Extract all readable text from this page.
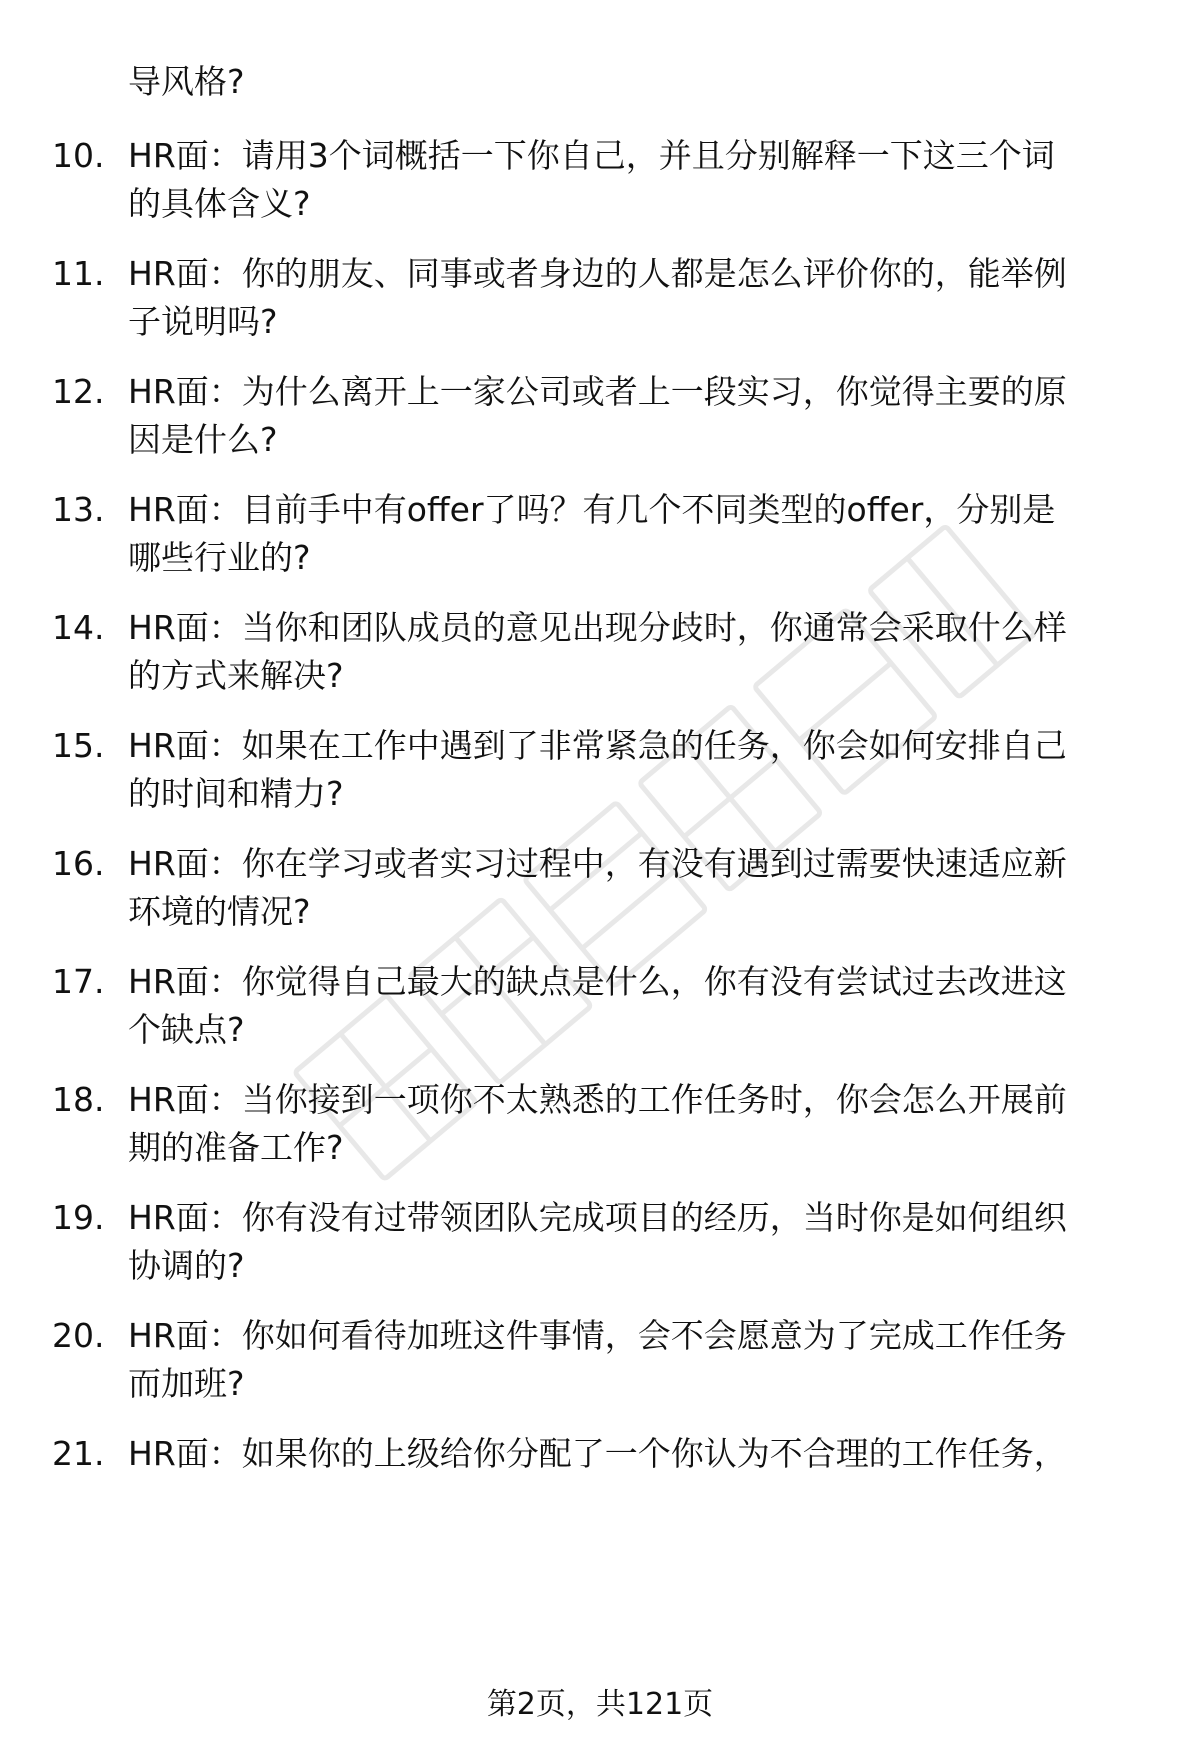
导风格?
10. HR面：请用3个词概括一下你自己，并且分别解释一下这三个词
的具体含义?
11. HR面：你的朋友、同事或者身边的人都是怎么评价你的，能举例
子说明吗?
12. HR面：为什么离开上一家公司或者上一段实习，你觉得主要的原
因是什么?
13. HR面：目前手中有offer了吗？有几个不同类型的offer，分别是
哪些行业的?
14. HR面：当你和团队成员的意见出现分歧时，你通常会采取什么样
的方式来解决?
15. HR面：如果在工作中遇到了非常紧急的任务，你会如何安排自己
的时间和精力?
16. HR面：你在学习或者实习过程中，有没有遇到过需要快速适应新
环境的情况?
17. HR面：你觉得自己最大的缺点是什么，你有没有尝试过去改进这
个缺点?
18. HR面：当你接到一项你不太熟悉的工作任务时，你会怎么开展前
期的准备工作?
19. HR面：你有没有过带领团队完成项目的经历，当时你是如何组织
协调的?
20. HR面：你如何看待加班这件事情，会不会愿意为了完成工作任务
而加班?
21. HR面：如果你的上级给你分配了一个你认为不合理的工作任务，
第2页，共121页
